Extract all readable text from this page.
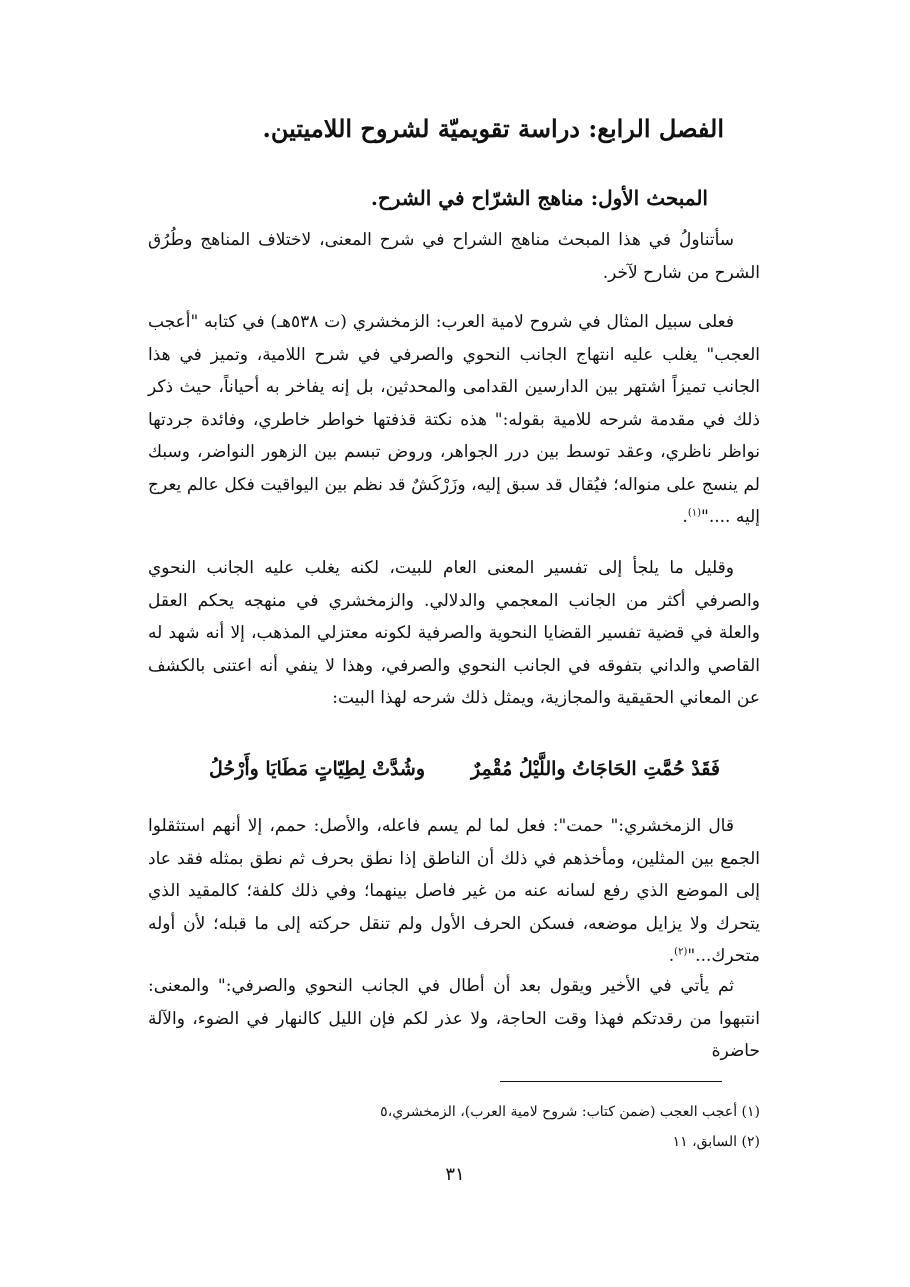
الفصل الرابع: دراسة تقويميّة لشروح اللاميتين.
المبحث الأول: مناهج الشرّاح في الشرح.

سأتناولُ في هذا المبحث مناهج الشراح في شرح المعنى، لاختلاف المناهج وطُرُق الشرح من شارح لآخر.

فعلى سبيل المثال في شروح لامية العرب: الزمخشري (ت ٥٣٨هـ) في كتابه "أعجب العجب" يغلب عليه انتهاج الجانب النحوي والصرفي في شرح اللامية، وتميز في هذا الجانب تميزاً اشتهر بين الدارسين القدامى والمحدثين، بل إنه يفاخر به أحياناً، حيث ذكر ذلك في مقدمة شرحه للامية بقوله:" هذه نكتة قذفتها خواطر خاطري، وفائدة جردتها نواظر ناظري، وعقد توسط بين درر الجواهر، وروض تبسم بين الزهور النواضر، وسبك لم ينسج على منواله؛ فيُقال قد سبق إليه، وزَرْكَشٌ قد نظم بين اليواقيت فكل عالم يعرج إليه ...."$^{(١)}$.

وقليل ما يلجأ إلى تفسير المعنى العام للبيت، لكنه يغلب عليه الجانب النحوي والصرفي أكثر من الجانب المعجمي والدلالي. والزمخشري في منهجه يحكم العقل والعلة في قضية تفسير القضايا النحوية والصرفية لكونه معتزلي المذهب، إلا أنه شهد له القاصي والداني بتفوقه في الجانب النحوي والصرفي، وهذا لا ينفي أنه اعتنى بالكشف عن المعاني الحقيقية والمجازية، ويمثل ذلك شرحه لهذا البيت:

فَقَدْ حُمَّتِ الحَاجَاتُ واللَّيْلُ مُقْمِرٌ
وشُدَّتْ لِطِيّاتٍ مَطَايَا وأَرْحُلُ

قال الزمخشري:" حمت": فعل لما لم يسم فاعله، والأصل: حمم، إلا أنهم استثقلوا الجمع بين المثلين، ومأخذهم في ذلك أن الناطق إذا نطق بحرف ثم نطق بمثله فقد عاد إلى الموضع الذي رفع لسانه عنه من غير فاصل بينهما؛ وفي ذلك كلفة؛ كالمقيد الذي يتحرك ولا يزايل موضعه، فسكن الحرف الأول ولم تنقل حركته إلى ما قبله؛ لأن أوله متحرك..."$^{(٢)}$.

ثم يأتي في الأخير ويقول بعد أن أطال في الجانب النحوي والصرفي:" والمعنى: انتبهوا من رقدتكم فهذا وقت الحاجة، ولا عذر لكم فإن الليل كالنهار في الضوء، والآلة حاضرة

(١) أعجب العجب (ضمن كتاب: شروح لامية العرب)، الزمخشري،٥
(٢) السابق، ١١
٣١
